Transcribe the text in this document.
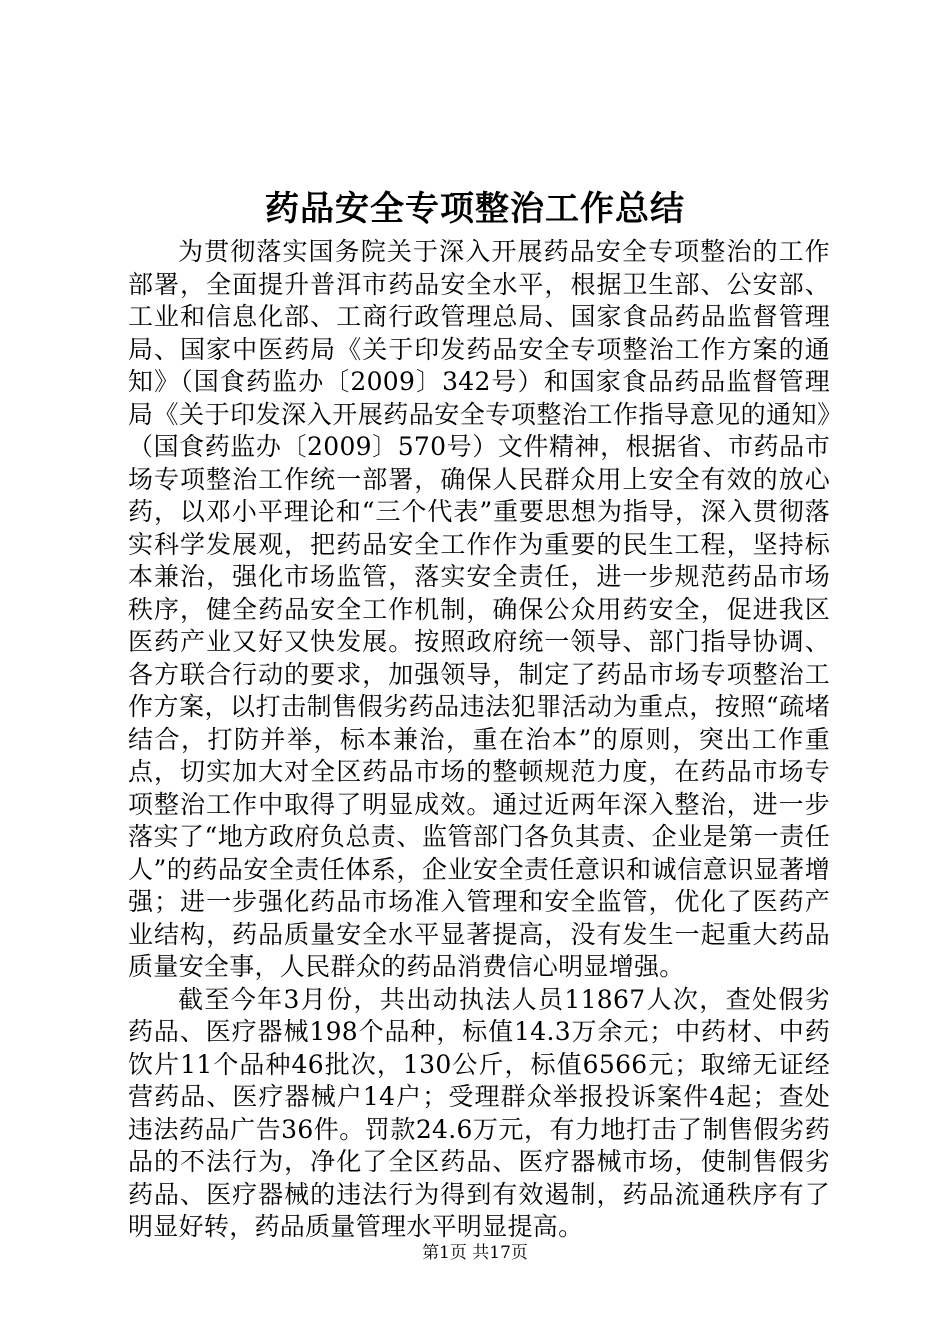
药品安全专项整治工作总结

为贯彻落实国务院关于深入开展药品安全专项整治的工作部署，全面提升普洱市药品安全水平，根据卫生部、公安部、工业和信息化部、工商行政管理总局、国家食品药品监督管理局、国家中医药局《关于印发药品安全专项整治工作方案的通知》（国食药监办〔2009〕342号）和国家食品药品监督管理局《关于印发深入开展药品安全专项整治工作指导意见的通知》（国食药监办〔2009〕570号）文件精神，根据省、市药品市场专项整治工作统一部署，确保人民群众用上安全有效的放心药，以邓小平理论和“三个代表”重要思想为指导，深入贯彻落实科学发展观，把药品安全工作作为重要的民生工程，坚持标本兼治，强化市场监管，落实安全责任，进一步规范药品市场秩序，健全药品安全工作机制，确保公众用药安全，促进我区医药产业又好又快发展。按照政府统一领导、部门指导协调、各方联合行动的要求，加强领导，制定了药品市场专项整治工作方案，以打击制售假劣药品违法犯罪活动为重点，按照“疏堵结合，打防并举，标本兼治，重在治本”的原则，突出工作重点，切实加大对全区药品市场的整顿规范力度，在药品市场专项整治工作中取得了明显成效。通过近两年深入整治，进一步落实了“地方政府负总责、监管部门各负其责、企业是第一责任人”的药品安全责任体系，企业安全责任意识和诚信意识显著增强；进一步强化药品市场准入管理和安全监管，优化了医药产业结构，药品质量安全水平显著提高，没有发生一起重大药品质量安全事，人民群众的药品消费信心明显增强。

截至今年3月份，共出动执法人员11867人次，查处假劣药品、医疗器械198个品种，标值14.3万余元；中药材、中药饮片11个品种46批次，130公斤，标值6566元；取缔无证经营药品、医疗器械户14户；受理群众举报投诉案件4起；查处违法药品广告36件。罚款24.6万元，有力地打击了制售假劣药品的不法行为，净化了全区药品、医疗器械市场，使制售假劣药品、医疗器械的违法行为得到有效遏制，药品流通秩序有了明显好转，药品质量管理水平明显提高。

第1页 共17页
